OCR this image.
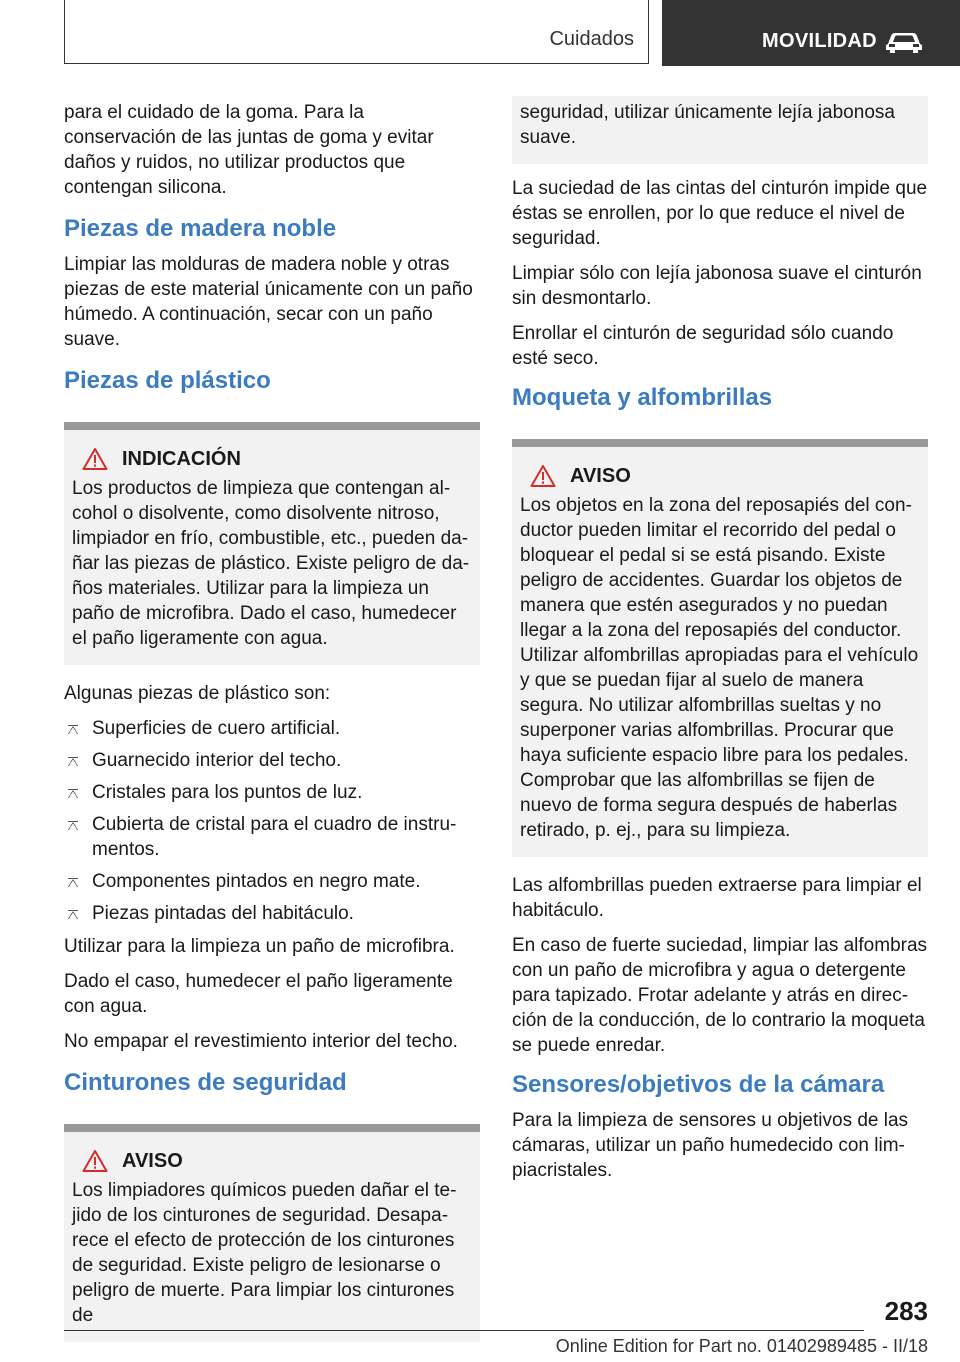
Cuidados	MOVILIDAD

para el cuidado de la goma. Para la conservación de las juntas de goma y evitar daños y ruidos, no utilizar productos que contengan silicona.

Piezas de madera noble

Limpiar las molduras de madera noble y otras piezas de este material únicamente con un paño húmedo. A continuación, secar con un paño suave.

Piezas de plástico
INDICACIÓN

Los productos de limpieza que contengan alcohol o disolvente, como disolvente nitroso, limpiador en frío, combustible, etc., pueden dañar las piezas de plástico. Existe peligro de daños materiales. Utilizar para la limpieza un paño de microfibra. Dado el caso, humedecer el paño ligeramente con agua.

Algunas piezas de plástico son:

Superficies de cuero artificial.
Guarnecido interior del techo.
Cristales para los puntos de luz.
Cubierta de cristal para el cuadro de instrumentos.
Componentes pintados en negro mate.
Piezas pintadas del habitáculo.

Utilizar para la limpieza un paño de microfibra.

Dado el caso, humedecer el paño ligeramente con agua.

No empapar el revestimiento interior del techo.

Cinturones de seguridad
AVISO

Los limpiadores químicos pueden dañar el tejido de los cinturones de seguridad. Desaparece el efecto de protección de los cinturones de seguridad. Existe peligro de lesionarse o peligro de muerte. Para limpiar los cinturones de

seguridad, utilizar únicamente lejía jabonosa suave.

La suciedad de las cintas del cinturón impide que éstas se enrollen, por lo que reduce el nivel de seguridad.

Limpiar sólo con lejía jabonosa suave el cinturón sin desmontarlo.

Enrollar el cinturón de seguridad sólo cuando esté seco.

Moqueta y alfombrillas
AVISO

Los objetos en la zona del reposapiés del conductor pueden limitar el recorrido del pedal o bloquear el pedal si se está pisando. Existe peligro de accidentes. Guardar los objetos de manera que estén asegurados y no puedan llegar a la zona del reposapiés del conductor. Utilizar alfombrillas apropiadas para el vehículo y que se puedan fijar al suelo de manera segura. No utilizar alfombrillas sueltas y no superponer varias alfombrillas. Procurar que haya suficiente espacio libre para los pedales. Comprobar que las alfombrillas se fijen de nuevo de forma segura después de haberlas retirado, p. ej., para su limpieza.

Las alfombrillas pueden extraerse para limpiar el habitáculo.

En caso de fuerte suciedad, limpiar las alfombras con un paño de microfibra y agua o detergente para tapizado. Frotar adelante y atrás en dirección de la conducción, de lo contrario la moqueta se puede enredar.

Sensores/objetivos de la cámara

Para la limpieza de sensores u objetivos de las cámaras, utilizar un paño humedecido con limpiacristales.

283
Online Edition for Part no. 01402989485 - II/18
